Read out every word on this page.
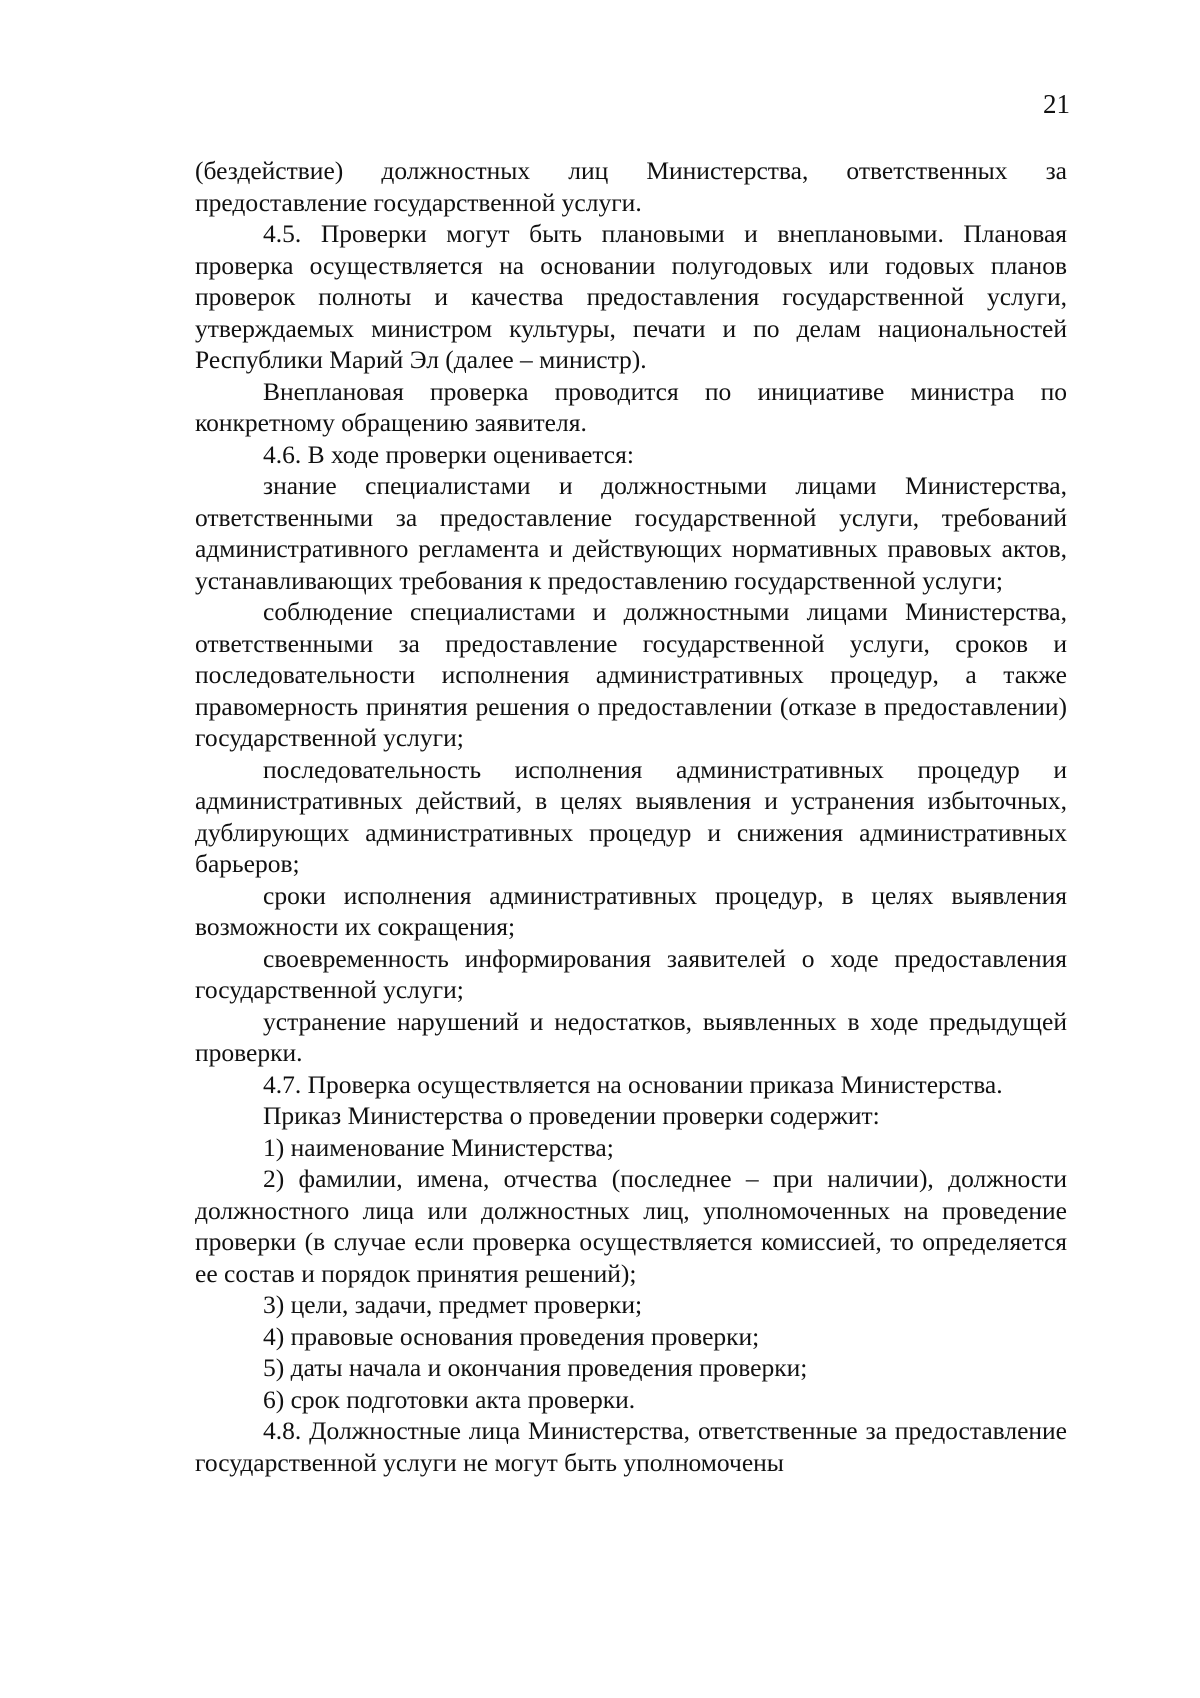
21

(бездействие) должностных лиц Министерства, ответственных за предоставление государственной услуги.

4.5. Проверки могут быть плановыми и внеплановыми. Плановая проверка осуществляется на основании полугодовых или годовых планов проверок полноты и качества предоставления государственной услуги, утверждаемых министром культуры, печати и по делам национальностей Республики Марий Эл (далее – министр).

Внеплановая проверка проводится по инициативе министра по конкретному обращению заявителя.

4.6. В ходе проверки оценивается:

знание специалистами и должностными лицами Министерства, ответственными за предоставление государственной услуги, требований административного регламента и действующих нормативных правовых актов, устанавливающих требования к предоставлению государственной услуги;

соблюдение специалистами и должностными лицами Министерства, ответственными за предоставление государственной услуги, сроков и последовательности исполнения административных процедур, а также правомерность принятия решения о предоставлении (отказе в предоставлении) государственной услуги;

последовательность исполнения административных процедур и административных действий, в целях выявления и устранения избыточных, дублирующих административных процедур и снижения административных барьеров;

сроки исполнения административных процедур, в целях выявления возможности их сокращения;

своевременность информирования заявителей о ходе предоставления государственной услуги;

устранение нарушений и недостатков, выявленных в ходе предыдущей проверки.

4.7. Проверка осуществляется на основании приказа Министерства.

Приказ Министерства о проведении проверки содержит:

1) наименование Министерства;

2) фамилии, имена, отчества (последнее – при наличии), должности должностного лица или должностных лиц, уполномоченных на проведение проверки (в случае если проверка осуществляется комиссией, то определяется ее состав и порядок принятия решений);

3) цели, задачи, предмет проверки;

4) правовые основания проведения проверки;

5) даты начала и окончания проведения проверки;

6) срок подготовки акта проверки.

4.8. Должностные лица Министерства, ответственные за предоставление государственной услуги не могут быть уполномочены
